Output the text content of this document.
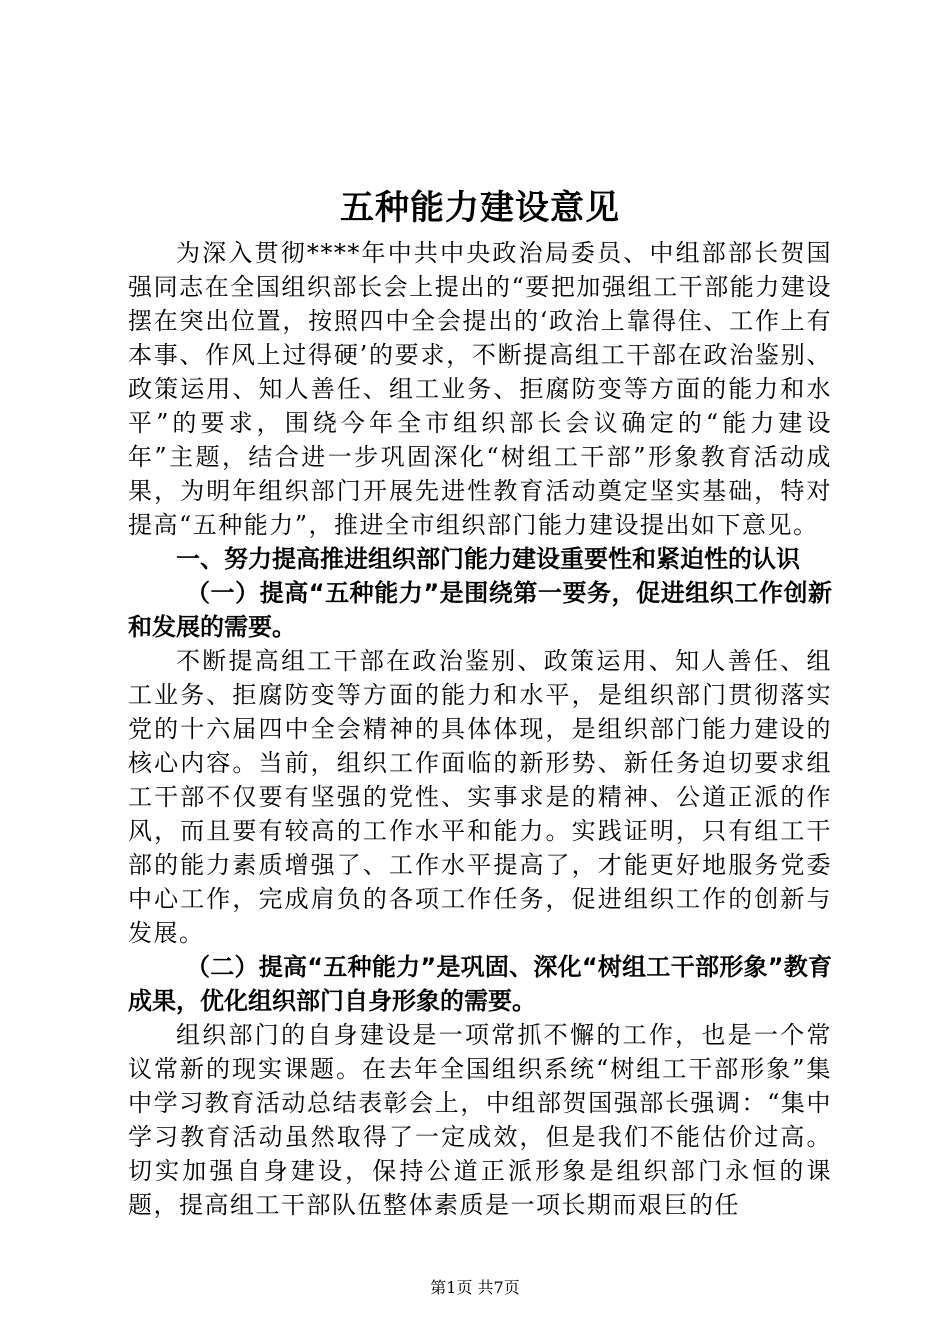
五种能力建设意见

为深入贯彻****年中共中央政治局委员、中组部部长贺国强同志在全国组织部长会上提出的“要把加强组工干部能力建设摆在突出位置，按照四中全会提出的‘政治上靠得住、工作上有本事、作风上过得硬’的要求，不断提高组工干部在政治鉴别、政策运用、知人善任、组工业务、拒腐防变等方面的能力和水平”的要求，围绕今年全市组织部长会议确定的“能力建设年”主题，结合进一步巩固深化“树组工干部”形象教育活动成果，为明年组织部门开展先进性教育活动奠定坚实基础，特对提高“五种能力”，推进全市组织部门能力建设提出如下意见。

一、努力提高推进组织部门能力建设重要性和紧迫性的认识

（一）提高“五种能力”是围绕第一要务，促进组织工作创新和发展的需要。

不断提高组工干部在政治鉴别、政策运用、知人善任、组工业务、拒腐防变等方面的能力和水平，是组织部门贯彻落实党的十六届四中全会精神的具体体现，是组织部门能力建设的核心内容。当前，组织工作面临的新形势、新任务迫切要求组工干部不仅要有坚强的党性、实事求是的精神、公道正派的作风，而且要有较高的工作水平和能力。实践证明，只有组工干部的能力素质增强了、工作水平提高了，才能更好地服务党委中心工作，完成肩负的各项工作任务，促进组织工作的创新与发展。

（二）提高“五种能力”是巩固、深化“树组工干部形象”教育成果，优化组织部门自身形象的需要。

组织部门的自身建设是一项常抓不懈的工作，也是一个常议常新的现实课题。在去年全国组织系统“树组工干部形象”集中学习教育活动总结表彰会上，中组部贺国强部长强调：“集中学习教育活动虽然取得了一定成效，但是我们不能估价过高。切实加强自身建设，保持公道正派形象是组织部门永恒的课题，提高组工干部队伍整体素质是一项长期而艰巨的任

第1页 共7页
